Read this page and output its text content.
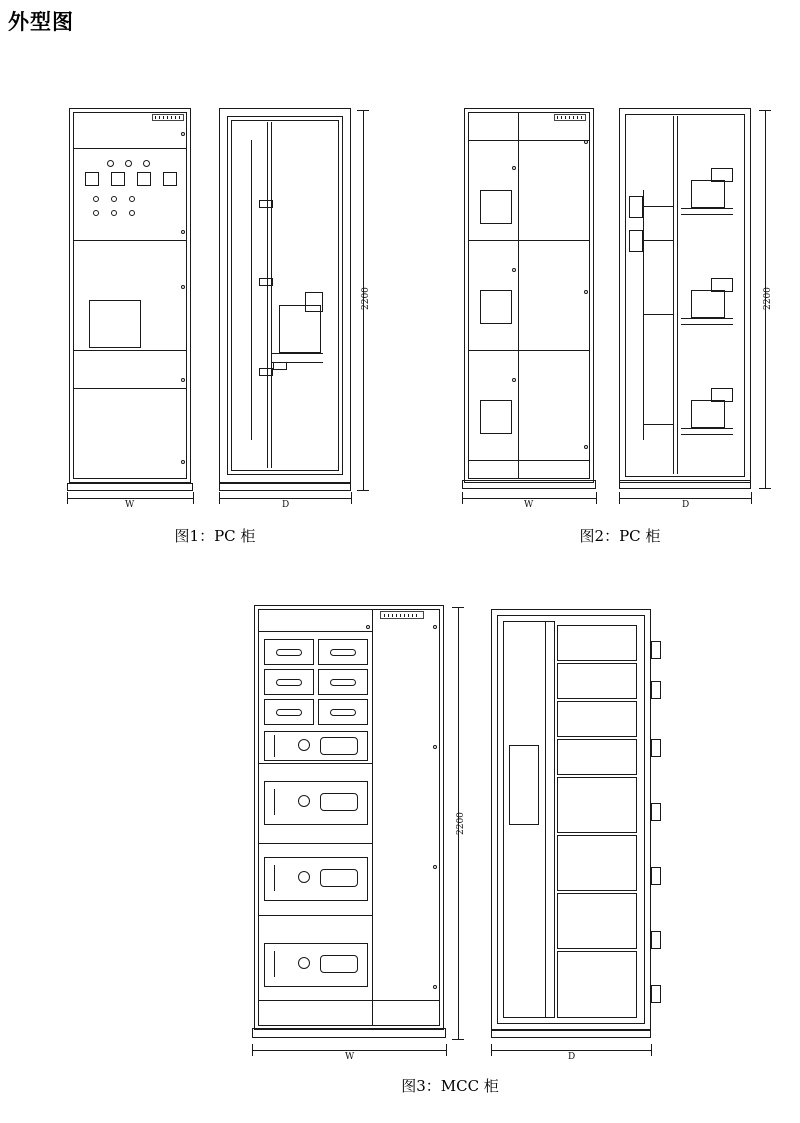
外型图
W	D
2200
图1：PC 柜
W	D
2200
图2：PC 柜
W	D
2200
图3：MCC 柜
